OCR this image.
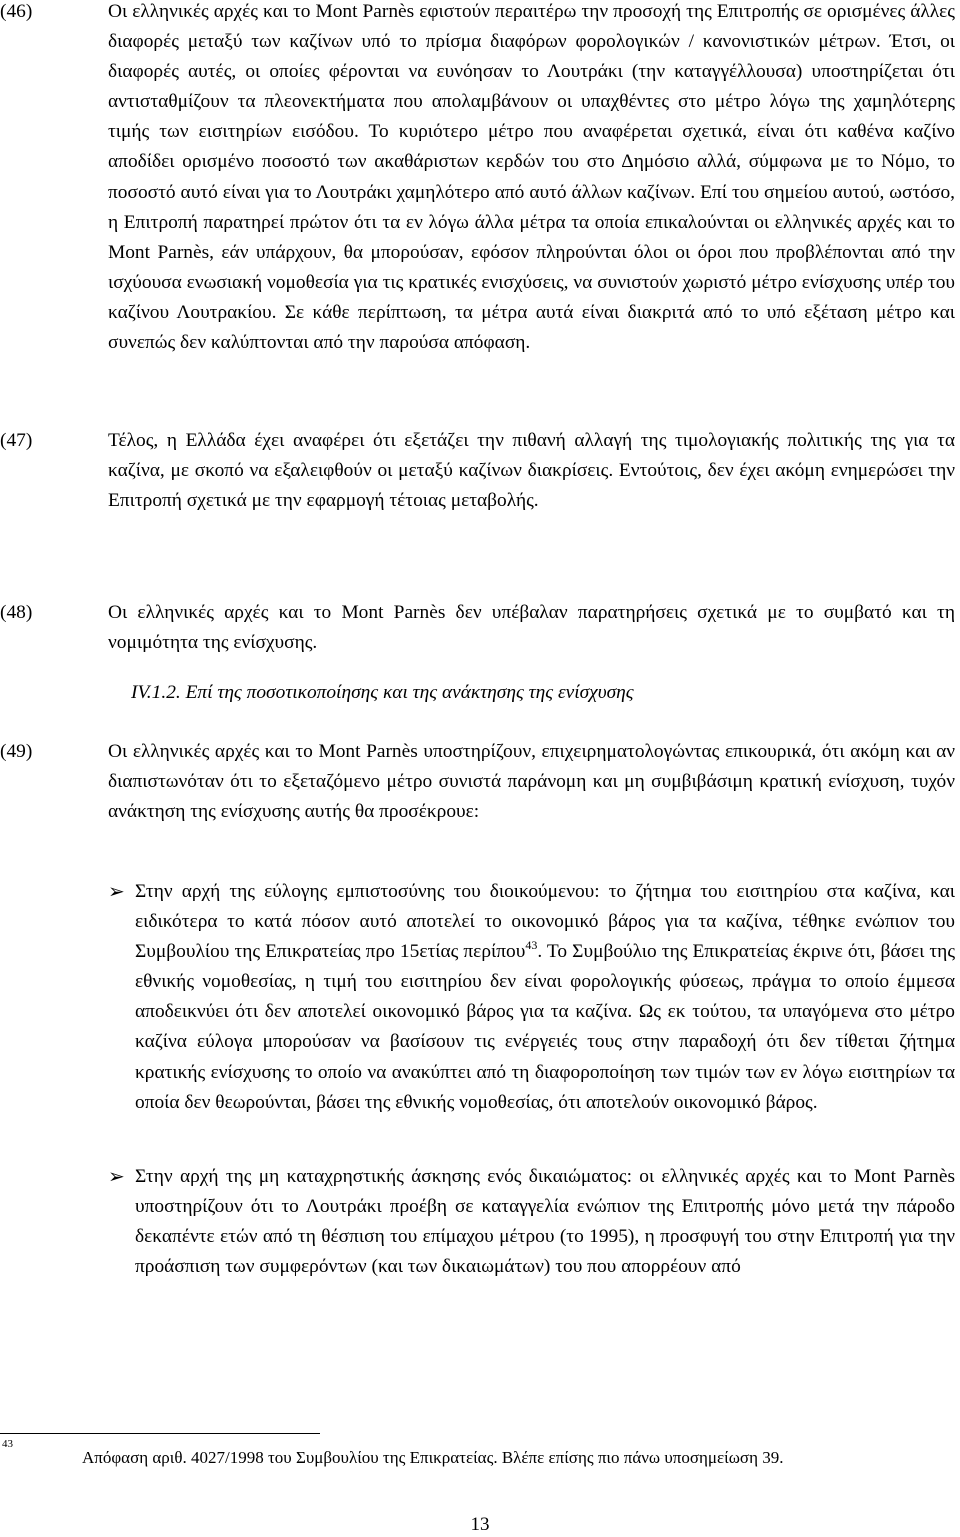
(46)	Οι ελληνικές αρχές και το Mont Parnès εφιστούν περαιτέρω την προσοχή της Επιτροπής σε ορισμένες άλλες διαφορές μεταξύ των καζίνων υπό το πρίσμα διαφόρων φορολογικών / κανονιστικών μέτρων. Έτσι, οι διαφορές αυτές, οι οποίες φέρονται να ευνόησαν το Λουτράκι (την καταγγέλλουσα) υποστηρίζεται ότι αντισταθμίζουν τα πλεονεκτήματα που απολαμβάνουν οι υπαχθέντες στο μέτρο λόγω της χαμηλότερης τιμής των εισιτηρίων εισόδου. Το κυριότερο μέτρο που αναφέρεται σχετικά, είναι ότι καθένα καζίνο αποδίδει ορισμένο ποσοστό των ακαθάριστων κερδών του στο Δημόσιο αλλά, σύμφωνα με το Νόμο, το ποσοστό αυτό είναι για το Λουτράκι χαμηλότερο από αυτό άλλων καζίνων. Επί του σημείου αυτού, ωστόσο, η Επιτροπή παρατηρεί πρώτον ότι τα εν λόγω άλλα μέτρα τα οποία επικαλούνται οι ελληνικές αρχές και το Mont Parnès, εάν υπάρχουν, θα μπορούσαν, εφόσον πληρούνται όλοι οι όροι που προβλέπονται από την ισχύουσα ενωσιακή νομοθεσία για τις κρατικές ενισχύσεις, να συνιστούν χωριστό μέτρο ενίσχυσης υπέρ του καζίνου Λουτρακίου. Σε κάθε περίπτωση, τα μέτρα αυτά είναι διακριτά από το υπό εξέταση μέτρο και συνεπώς δεν καλύπτονται από την παρούσα απόφαση.
(47)	Τέλος, η Ελλάδα έχει αναφέρει ότι εξετάζει την πιθανή αλλαγή της τιμολογιακής πολιτικής της για τα καζίνα, με σκοπό να εξαλειφθούν οι μεταξύ καζίνων διακρίσεις. Εντούτοις, δεν έχει ακόμη ενημερώσει την Επιτροπή σχετικά με την εφαρμογή τέτοιας μεταβολής.
(48)	Οι ελληνικές αρχές και το Mont Parnès δεν υπέβαλαν παρατηρήσεις σχετικά με το συμβατό και τη νομιμότητα της ενίσχυσης.
IV.1.2. Επί της ποσοτικοποίησης και της ανάκτησης της ενίσχυσης
(49)	Οι ελληνικές αρχές και το Mont Parnès υποστηρίζουν, επιχειρηματολογώντας επικουρικά, ότι ακόμη και αν διαπιστωνόταν ότι το εξεταζόμενο μέτρο συνιστά παράνομη και μη συμβιβάσιμη κρατική ενίσχυση, τυχόν ανάκτηση της ενίσχυσης αυτής θα προσέκρουε:
➢ Στην αρχή της εύλογης εμπιστοσύνης του διοικούμενου: το ζήτημα του εισιτηρίου στα καζίνα, και ειδικότερα το κατά πόσον αυτό αποτελεί το οικονομικό βάρος για τα καζίνα, τέθηκε ενώπιον του Συμβουλίου της Επικρατείας προ 15ετίας περίπου$^{43}$. Το Συμβούλιο της Επικρατείας έκρινε ότι, βάσει της εθνικής νομοθεσίας, η τιμή του εισιτηρίου δεν είναι φορολογικής φύσεως, πράγμα το οποίο έμμεσα αποδεικνύει ότι δεν αποτελεί οικονομικό βάρος για τα καζίνα. Ως εκ τούτου, τα υπαγόμενα στο μέτρο καζίνα εύλογα μπορούσαν να βασίσουν τις ενέργειές τους στην παραδοχή ότι δεν τίθεται ζήτημα κρατικής ενίσχυσης το οποίο να ανακύπτει από τη διαφοροποίηση των τιμών των εν λόγω εισιτηρίων τα οποία δεν θεωρούνται, βάσει της εθνικής νομοθεσίας, ότι αποτελούν οικονομικό βάρος.
➢ Στην αρχή της μη καταχρηστικής άσκησης ενός δικαιώματος: οι ελληνικές αρχές και το Mont Parnès υποστηρίζουν ότι το Λουτράκι προέβη σε καταγγελία ενώπιον της Επιτροπής μόνο μετά την πάροδο δεκαπέντε ετών από τη θέσπιση του επίμαχου μέτρου (το 1995), η προσφυγή του στην Επιτροπή για την προάσπιση των συμφερόντων (και των δικαιωμάτων) του που απορρέουν από
43
Απόφαση αριθ. 4027/1998 του Συμβουλίου της Επικρατείας. Βλέπε επίσης πιο πάνω υποσημείωση 39.
13
